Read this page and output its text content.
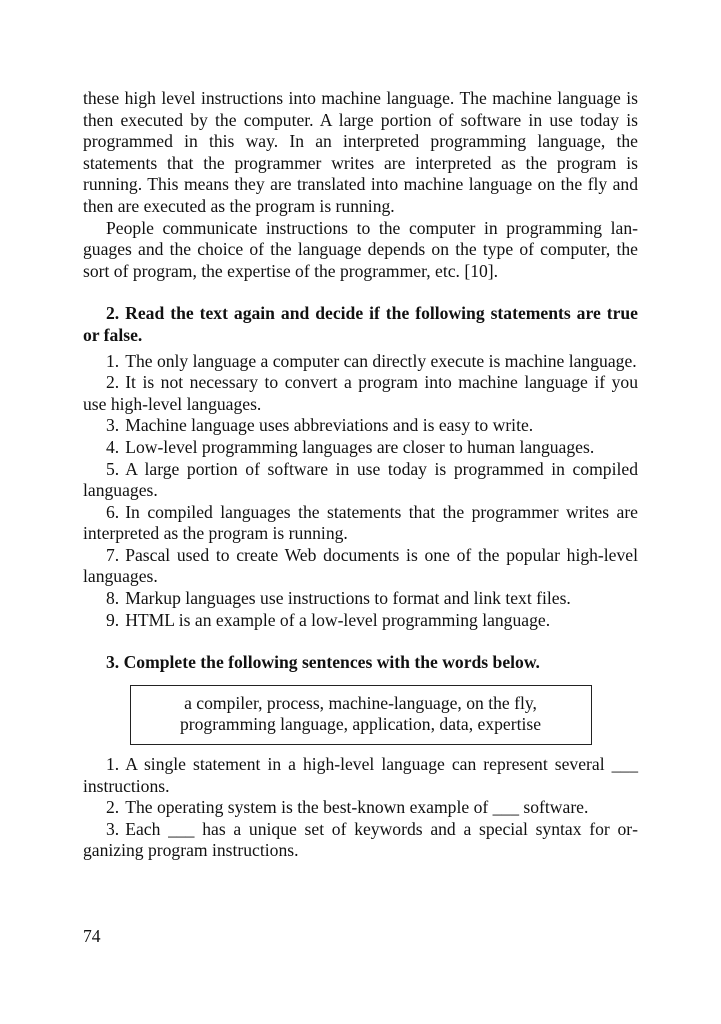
these high level instructions into machine language. The machine language is then executed by the computer. A large portion of software in use today is programmed in this way. In an interpreted programming language, the statements that the programmer writes are interpreted as the program is running. This means they are translated into machine language on the fly and then are executed as the program is running.

People communicate instructions to the computer in programming languages and the choice of the language depends on the type of computer, the sort of program, the expertise of the programmer, etc. [10].

2. Read the text again and decide if the following statements are true or false.

1. The only language a computer can directly execute is machine language.
2. It is not necessary to convert a program into machine language if you use high-level languages.
3. Machine language uses abbreviations and is easy to write.
4. Low-level programming languages are closer to human languages.
5. A large portion of software in use today is programmed in compiled languages.
6. In compiled languages the statements that the programmer writes are interpreted as the program is running.
7. Pascal used to create Web documents is one of the popular high-level languages.
8. Markup languages use instructions to format and link text files.
9. HTML is an example of a low-level programming language.

3. Complete the following sentences with the words below.

a compiler, process, machine-language, on the fly,
programming language, application, data, expertise
1. A single statement in a high-level language can represent several ___ instructions.
2. The operating system is the best-known example of ___ software.
3. Each ___ has a unique set of keywords and a special syntax for organizing program instructions.
74
